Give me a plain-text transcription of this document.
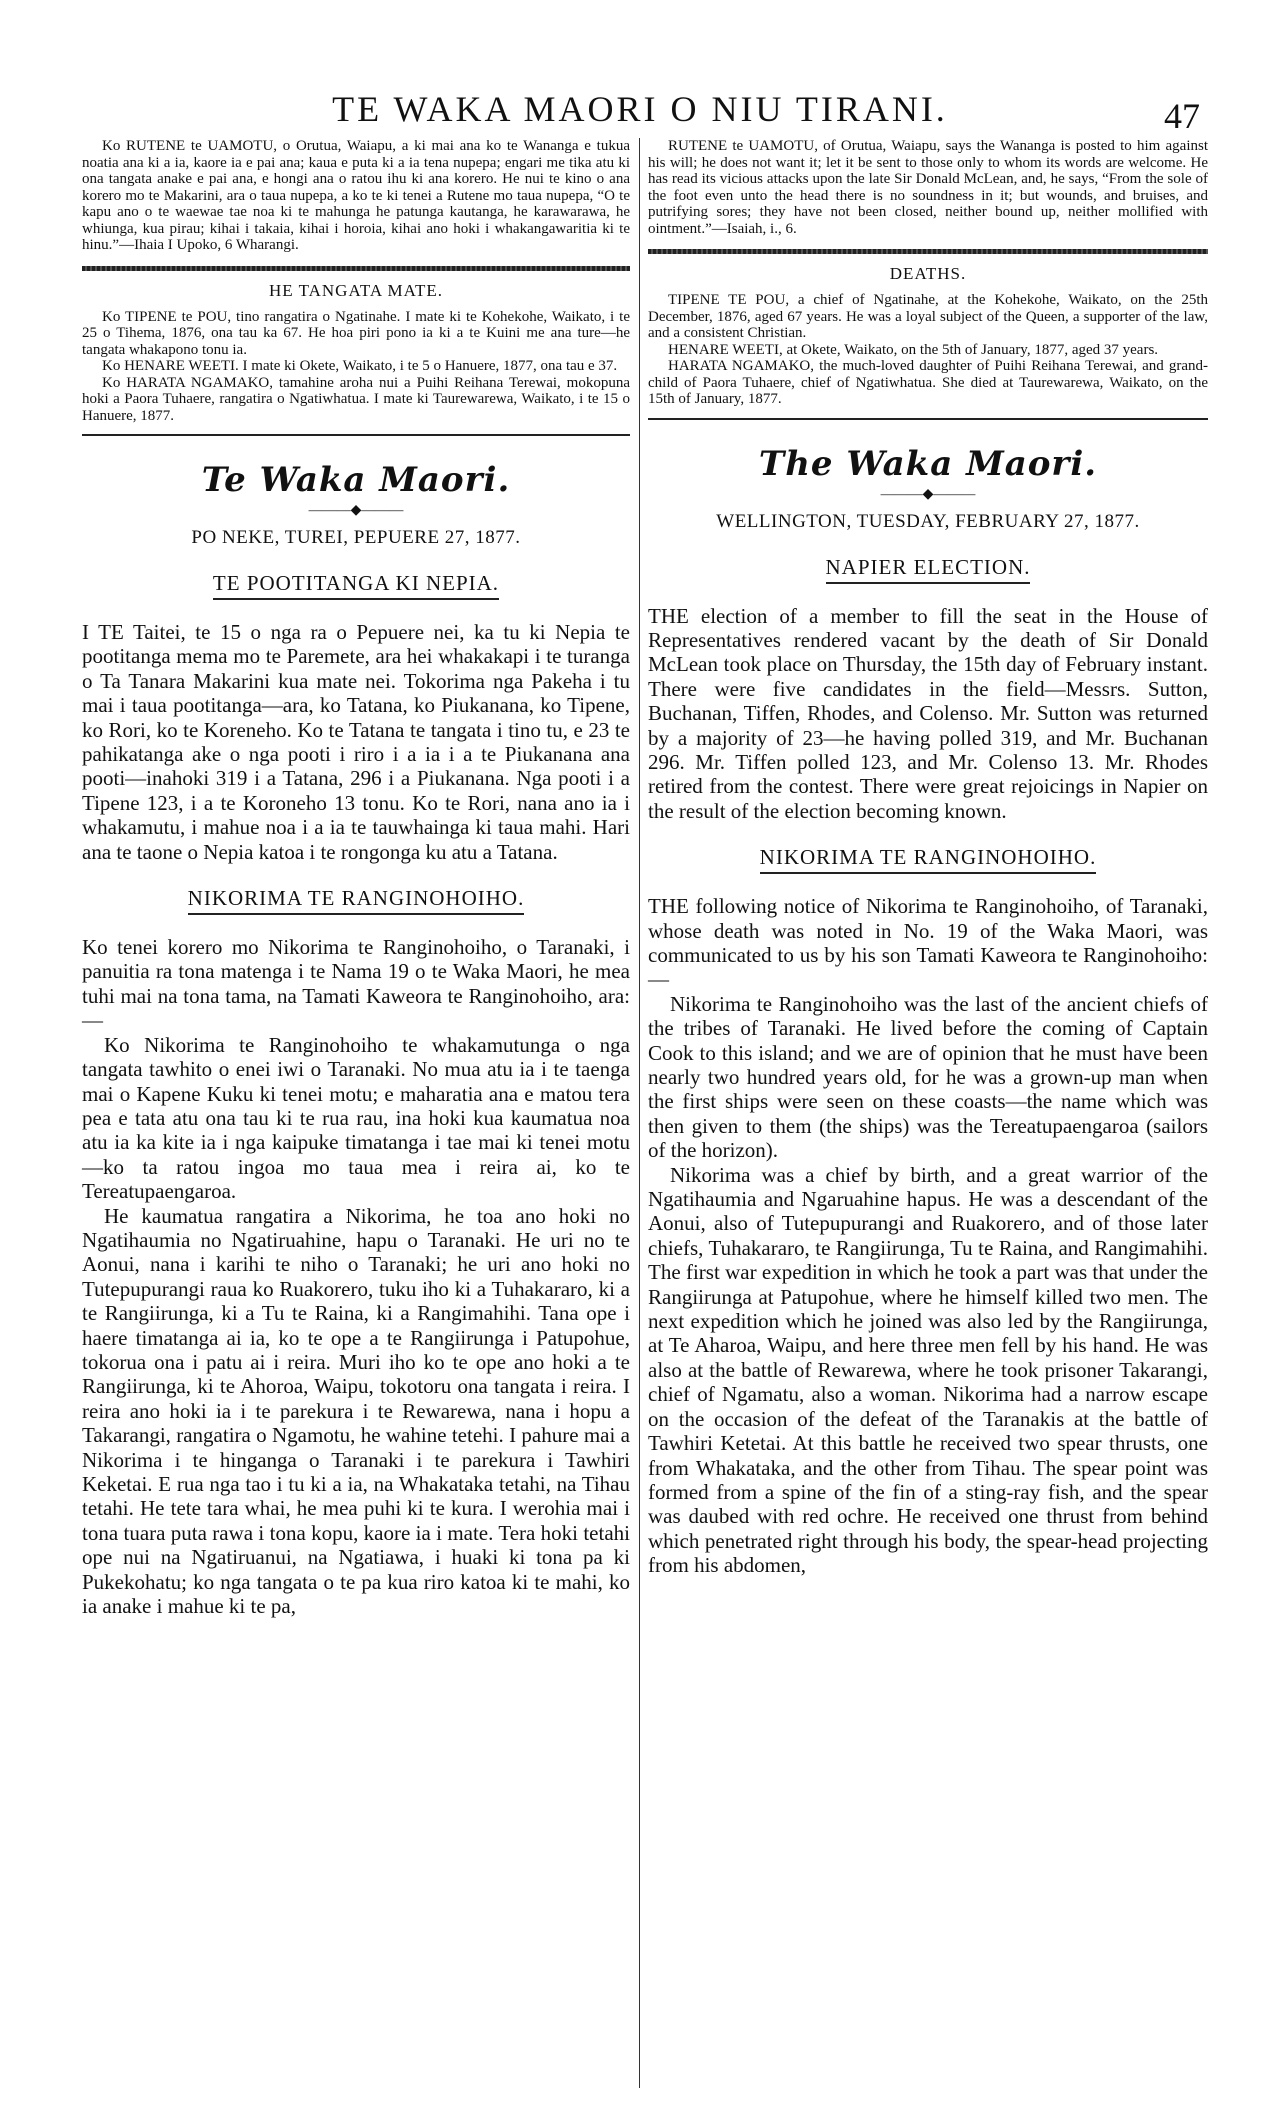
TE WAKA MAORI O NIU TIRANI.	47

Ko RUTENE te UAMOTU, o Orutua, Waiapu, a ki mai ana ko te Wananga e tukua noatia ana ki a ia, kaore ia e pai ana; kaua e puta ki a ia tena nupepa; engari me tika atu ki ona tangata anake e pai ana, e hongi ana o ratou ihu ki ana korero. He nui te kino o ana korero mo te Makarini, ara o taua nupepa, a ko te ki tenei a Rutene mo taua nupepa, “O te kapu ano o te waewae tae noa ki te mahunga he patunga kautanga, he karawarawa, he whiunga, kua pirau; kihai i takaia, kihai i horoia, kihai ano hoki i whakangawaritia ki te hinu.”—Ihaia I Upoko, 6 Wharangi.

HE TANGATA MATE.

Ko TIPENE te POU, tino rangatira o Ngatinahe. I mate ki te Kohekohe, Waikato, i te 25 o Tihema, 1876, ona tau ka 67. He hoa piri pono ia ki a te Kuini me ana ture—he tangata whakapono tonu ia.

Ko HENARE WEETI. I mate ki Okete, Waikato, i te 5 o Hanuere, 1877, ona tau e 37.

Ko HARATA NGAMAKO, tamahine aroha nui a Puihi Reihana Terewai, mokopuna hoki a Paora Tuhaere, rangatira o Ngatiwhatua. I mate ki Taurewarewa, Waikato, i te 15 o Hanuere, 1877.

Te Waka Maori.
———◆———
PO NEKE, TUREI, PEPUERE 27, 1877.
TE POOTITANGA KI NEPIA.

I TE Taitei, te 15 o nga ra o Pepuere nei, ka tu ki Nepia te pootitanga mema mo te Paremete, ara hei whakakapi i te turanga o Ta Tanara Makarini kua mate nei. Tokorima nga Pakeha i tu mai i taua pootitanga—ara, ko Tatana, ko Piukanana, ko Tipene, ko Rori, ko te Koreneho. Ko te Tatana te tangata i tino tu, e 23 te pahikatanga ake o nga pooti i riro i a ia i a te Piukanana ana pooti—inahoki 319 i a Tatana, 296 i a Piukanana. Nga pooti i a Tipene 123, i a te Koroneho 13 tonu. Ko te Rori, nana ano ia i whakamutu, i mahue noa i a ia te tauwhainga ki taua mahi. Hari ana te taone o Nepia katoa i te rongonga ku atu a Tatana.

NIKORIMA TE RANGINOHOIHO.

Ko tenei korero mo Nikorima te Ranginohoiho, o Taranaki, i panuitia ra tona matenga i te Nama 19 o te Waka Maori, he mea tuhi mai na tona tama, na Tamati Kaweora te Ranginohoiho, ara:—

Ko Nikorima te Ranginohoiho te whakamutunga o nga tangata tawhito o enei iwi o Taranaki. No mua atu ia i te taenga mai o Kapene Kuku ki tenei motu; e maharatia ana e matou tera pea e tata atu ona tau ki te rua rau, ina hoki kua kaumatua noa atu ia ka kite ia i nga kaipuke timatanga i tae mai ki tenei motu—ko ta ratou ingoa mo taua mea i reira ai, ko te Tereatupaengaroa.

He kaumatua rangatira a Nikorima, he toa ano hoki no Ngatihaumia no Ngatiruahine, hapu o Taranaki. He uri no te Aonui, nana i karihi te niho o Taranaki; he uri ano hoki no Tutepupurangi raua ko Ruakorero, tuku iho ki a Tuhakararo, ki a te Rangiirunga, ki a Tu te Raina, ki a Rangimahihi. Tana ope i haere timatanga ai ia, ko te ope a te Rangiirunga i Patupohue, tokorua ona i patu ai i reira. Muri iho ko te ope ano hoki a te Rangiirunga, ki te Ahoroa, Waipu, tokotoru ona tangata i reira. I reira ano hoki ia i te parekura i te Rewarewa, nana i hopu a Takarangi, rangatira o Ngamotu, he wahine tetehi. I pahure mai a Nikorima i te hinganga o Taranaki i te parekura i Tawhiri Keketai. E rua nga tao i tu ki a ia, na Whakataka tetahi, na Tihau tetahi. He tete tara whai, he mea puhi ki te kura. I werohia mai i tona tuara puta rawa i tona kopu, kaore ia i mate. Tera hoki tetahi ope nui na Ngatiruanui, na Ngatiawa, i huaki ki tona pa ki Pukekohatu; ko nga tangata o te pa kua riro katoa ki te mahi, ko ia anake i mahue ki te pa,

RUTENE te UAMOTU, of Orutua, Waiapu, says the Wananga is posted to him against his will; he does not want it; let it be sent to those only to whom its words are welcome. He has read its vicious attacks upon the late Sir Donald McLean, and, he says, “From the sole of the foot even unto the head there is no soundness in it; but wounds, and bruises, and putrifying sores; they have not been closed, neither bound up, neither mollified with ointment.”—Isaiah, i., 6.

DEATHS.

TIPENE TE POU, a chief of Ngatinahe, at the Kohekohe, Waikato, on the 25th December, 1876, aged 67 years. He was a loyal subject of the Queen, a supporter of the law, and a consistent Christian.

HENARE WEETI, at Okete, Waikato, on the 5th of January, 1877, aged 37 years.

HARATA NGAMAKO, the much-loved daughter of Puihi Reihana Terewai, and grand-child of Paora Tuhaere, chief of Ngatiwhatua. She died at Taurewarewa, Waikato, on the 15th of January, 1877.

The Waka Maori.
———◆———
WELLINGTON, TUESDAY, FEBRUARY 27, 1877.
NAPIER ELECTION.

THE election of a member to fill the seat in the House of Representatives rendered vacant by the death of Sir Donald McLean took place on Thursday, the 15th day of February instant. There were five candidates in the field—Messrs. Sutton, Buchanan, Tiffen, Rhodes, and Colenso. Mr. Sutton was returned by a majority of 23—he having polled 319, and Mr. Buchanan 296. Mr. Tiffen polled 123, and Mr. Colenso 13. Mr. Rhodes retired from the contest. There were great rejoicings in Napier on the result of the election becoming known.

NIKORIMA TE RANGINOHOIHO.

THE following notice of Nikorima te Ranginohoiho, of Taranaki, whose death was noted in No. 19 of the Waka Maori, was communicated to us by his son Tamati Kaweora te Ranginohoiho:—

Nikorima te Ranginohoiho was the last of the ancient chiefs of the tribes of Taranaki. He lived before the coming of Captain Cook to this island; and we are of opinion that he must have been nearly two hundred years old, for he was a grown-up man when the first ships were seen on these coasts—the name which was then given to them (the ships) was the Tereatupaengaroa (sailors of the horizon).

Nikorima was a chief by birth, and a great warrior of the Ngatihaumia and Ngaruahine hapus. He was a descendant of the Aonui, also of Tutepupurangi and Ruakorero, and of those later chiefs, Tuhakararo, te Rangiirunga, Tu te Raina, and Rangimahihi. The first war expedition in which he took a part was that under the Rangiirunga at Patupohue, where he himself killed two men. The next expedition which he joined was also led by the Rangiirunga, at Te Aharoa, Waipu, and here three men fell by his hand. He was also at the battle of Rewarewa, where he took prisoner Takarangi, chief of Ngamatu, also a woman. Nikorima had a narrow escape on the occasion of the defeat of the Taranakis at the battle of Tawhiri Ketetai. At this battle he received two spear thrusts, one from Whakataka, and the other from Tihau. The spear point was formed from a spine of the fin of a sting-ray fish, and the spear was daubed with red ochre. He received one thrust from behind which penetrated right through his body, the spear-head projecting from his abdomen,
